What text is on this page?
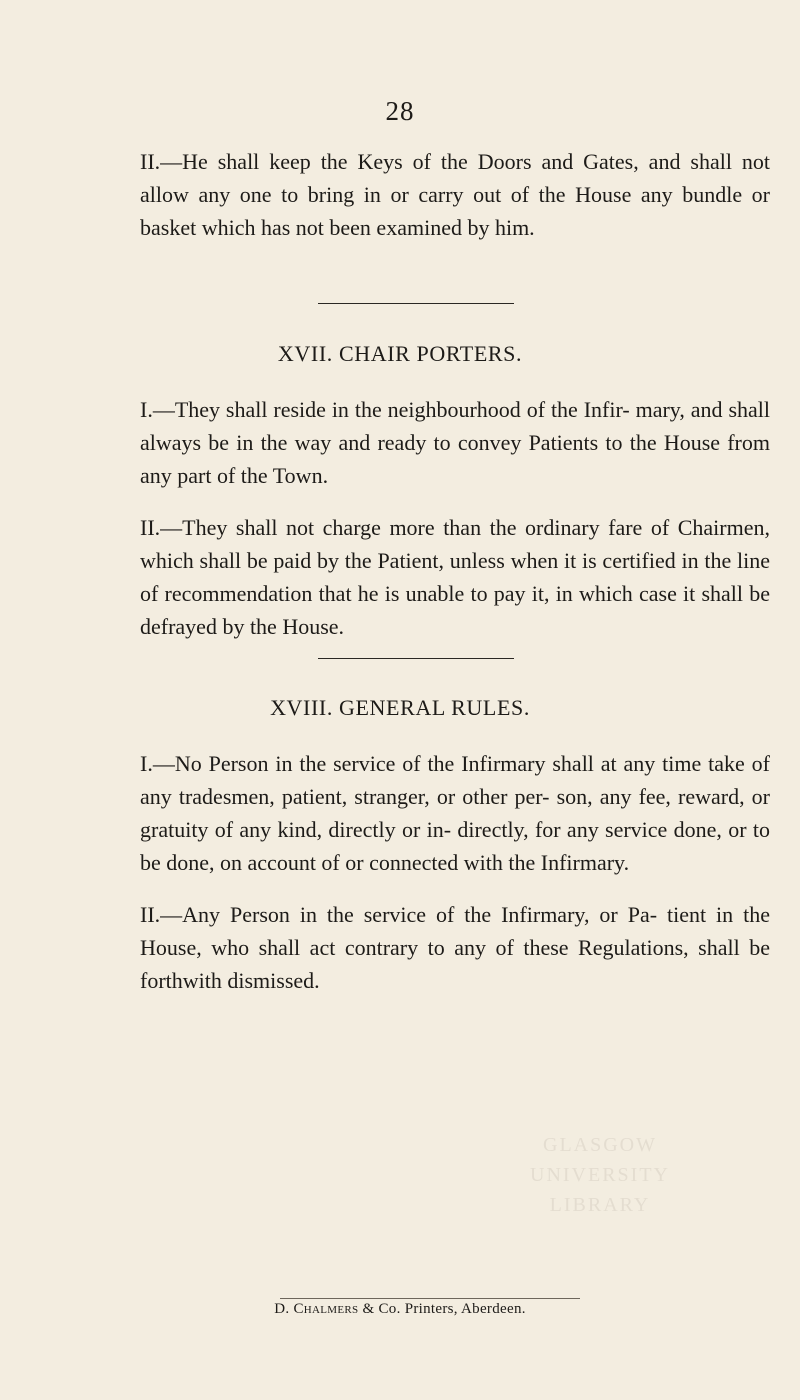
28

II.—He shall keep the Keys of the Doors and Gates, and shall not allow any one to bring in or carry out of the House any bundle or basket which has not been examined by him.

XVII. CHAIR PORTERS.

I.—They shall reside in the neighbourhood of the Infir- mary, and shall always be in the way and ready to convey Patients to the House from any part of the Town.

II.—They shall not charge more than the ordinary fare of Chairmen, which shall be paid by the Patient, unless when it is certified in the line of recommendation that he is unable to pay it, in which case it shall be defrayed by the House.

XVIII. GENERAL RULES.

I.—No Person in the service of the Infirmary shall at any time take of any tradesmen, patient, stranger, or other per- son, any fee, reward, or gratuity of any kind, directly or in- directly, for any service done, or to be done, on account of or connected with the Infirmary.

II.—Any Person in the service of the Infirmary, or Pa- tient in the House, who shall act contrary to any of these Regulations, shall be forthwith dismissed.

GLASGOW
UNIVERSITY
LIBRARY
D. CHALMERS & Co. Printers, Aberdeen.
